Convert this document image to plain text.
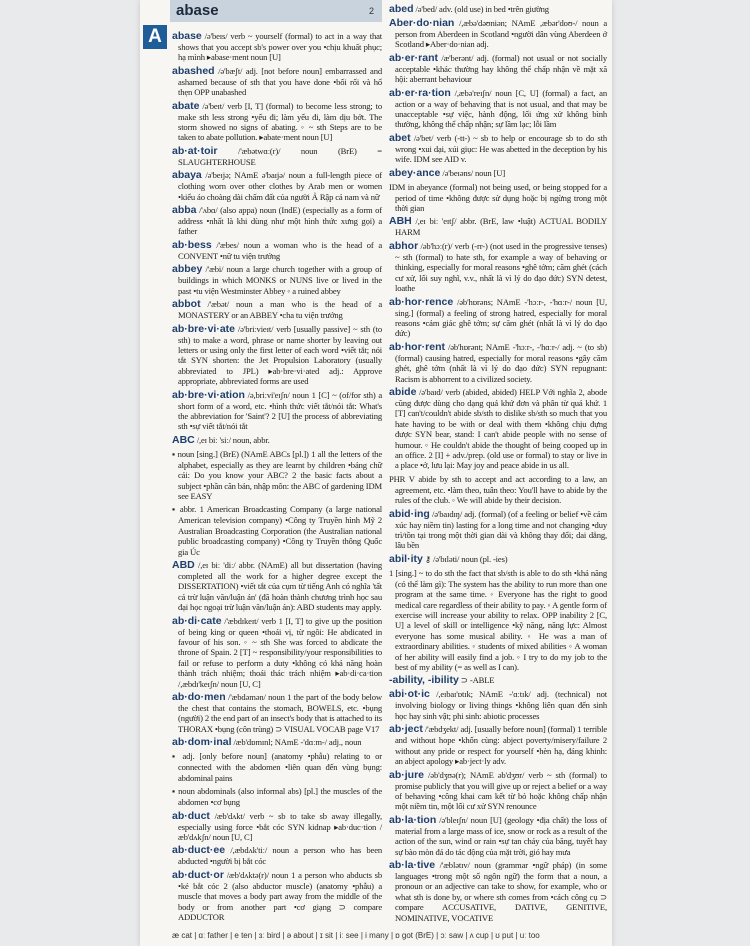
abase	2
A abase /ə'beɪs/ verb ~ yourself (formal) to act in a way that shows that you accept sb's power over you •chịu khuất phục; hạ mình ▸abase·ment noun [U]
abashed /ə'bæʃt/ adj. [not before noun] embarrassed and ashamed because of sth that you have done •bối rối và hổ thẹn OPP unabashed
abate /ə'beɪt/ verb [I, T] (formal) to become less strong; to make sth less strong •yếu đi; làm yếu đi, làm dịu bớt. The storm showed no signs of abating. ◦ ~ sth Steps are to be taken to abate pollution. ▸abate·ment noun [U]
ab·at·toir /'æbətwɑː(r)/ noun (BrE) = SLAUGHTERHOUSE
abaya /ə'beɪjə; NAmE ə'baɪjə/ noun a full-length piece of clothing worn over other clothes by Arab men or women •kiểu áo choàng dài chấm đất của người Ả Rập cả nam và nữ
abba /'ʌbɑ/ (also appa) noun (IndE) (especially as a form of address •nhất là khi dùng như một hình thức xưng gọi) a father
ab·bess /'æbes/ noun a woman who is the head of a CONVENT •nữ tu viện trưởng
abbey /'æbi/ noun a large church together with a group of buildings in which MONKS or NUNS live or lived in the past •tu viện Westminster Abbey ◦ a ruined abbey
abbot /'æbət/ noun a man who is the head of a MONASTERY or an ABBEY •cha tu viện trưởng
ab·bre·vi·ate /ə'briːvieɪt/ verb [usually passive] ~ sth (to sth) to make a word, phrase or name shorter by leaving out letters or using only the first letter of each word •viết tắt; nói tắt SYN shorten: the Jet Propulsion Laboratory (usually abbreviated to JPL) ▸ab·bre·vi·ated adj.: Approve appropriate, abbreviated forms are used
ab·bre·vi·ation /ə,briːvi'eɪʃn/ noun 1 [C] ~ (of/for sth) a short form of a word, etc. •hình thức viết tắt/nói tắt: What's the abbreviation for 'Saint'? 2 [U] the process of abbreviating sth •sự viết tắt/nói tắt
ABC /,eɪ biː 'siː/ noun, abbr.
▪ noun [sing.] (BrE) (NAmE ABCs [pl.]) 1 all the letters of the alphabet, especially as they are learnt by children •bảng chữ cái: Do you know your ABC? 2 the basic facts about a subject •phần căn bản, nhập môn: the ABC of gardening IDM see EASY
▪ abbr. 1 American Broadcasting Company (a large national American television company) •Công ty Truyền hình Mỹ 2 Australian Broadcasting Corporation (the Australian national public broadcasting company) •Công ty Truyền thông Quốc gia Úc
ABD /,eɪ biː 'diː/ abbr. (NAmE) all but dissertation (having completed all the work for a higher degree except the DISSERTATION) •viết tắt của cụm từ tiếng Anh có nghĩa 'tất cả trừ luận văn/luận án' (đã hoàn thành chương trình học sau đại học ngoại trừ luận văn/luận án): ABD students may apply.
ab·di·cate /'æbdɪkeɪt/ verb 1 [I, T] to give up the position of being king or queen •thoái vị, từ ngôi: He abdicated in favour of his son. ◦ ~ sth She was forced to abdicate the throne of Spain. 2 [T] ~ responsibility/your responsibilities to fail or refuse to perform a duty •không có khả năng hoàn thành trách nhiệm; thoái thác trách nhiệm ▸ab·di·ca·tion /,æbdɪ'keɪʃn/ noun [U, C]
ab·do·men /'æbdəmən/ noun 1 the part of the body below the chest that contains the stomach, BOWELS, etc. •bụng (người) 2 the end part of an insect's body that is attached to its THORAX •bụng (côn trùng) ⊃ VISUAL VOCAB page V17
ab·dom·inal /æb'dɒmɪnl; NAmE -'dɑːm-/ adj., noun
▪ adj. [only before noun] (anatomy •phẫu) relating to or connected with the abdomen •liên quan đến vùng bụng: abdominal pains
▪ noun abdominals (also informal abs) [pl.] the muscles of the abdomen •cơ bụng
ab·duct /æb'dʌkt/ verb ~ sb to take sb away illegally, especially using force •bắt cóc SYN kidnap ▸ab·duc·tion /æb'dʌkʃn/ noun [U, C]
ab·duct·ee /,æbdʌk'tiː/ noun a person who has been abducted •người bị bắt cóc
ab·duct·or /æb'dʌktə(r)/ noun 1 a person who abducts sb •kẻ bắt cóc 2 (also abductor muscle) (anatomy •phẫu) a muscle that moves a body part away from the middle of the body or from another part •cơ giạng ⊃ compare ADDUCTOR
abed /ə'bed/ adv. (old use) in bed •trên giường
Aber·do·nian /,æbə'dəʊniən; NAmE ,æbər'doʊ-/ noun a person from Aberdeen in Scotland •người dân vùng Aberdeen ở Scotland ▸Aber·do·nian adj.
ab·er·rant /æ'berənt/ adj. (formal) not usual or not socially acceptable •khác thường hay không thể chấp nhận về mặt xã hội: aberrant behaviour
ab·er·ra·tion /,æbə'reɪʃn/ noun [C, U] (formal) a fact, an action or a way of behaving that is not usual, and that may be unacceptable •sự việc, hành động, lối ứng xử không bình thường, không thể chấp nhận; sự lầm lạc; lỗi lầm
abet /ə'bet/ verb (-tt-) ~ sb to help or encourage sb to do sth wrong •xui dại, xúi giục: He was abetted in the deception by his wife. IDM see AID v.
abey·ance /ə'beɪəns/ noun [U]
IDM in abeyance (formal) not being used, or being stopped for a period of time •không được sử dụng hoặc bị ngừng trong một thời gian
ABH /,eɪ biː 'eɪtʃ/ abbr. (BrE, law •luật) ACTUAL BODILY HARM
abhor /əb'hɔː(r)/ verb (-rr-) (not used in the progressive tenses) ~ sth (formal) to hate sth, for example a way of behaving or thinking, especially for moral reasons •ghê tởm; căm ghét (cách cư xử, lối suy nghĩ, v.v., nhất là vì lý do đạo đức) SYN detest, loathe
ab·hor·rence /əb'hɒrəns; NAmE -'hɔːr-, -'hɑːr-/ noun [U, sing.] (formal) a feeling of strong hatred, especially for moral reasons •cảm giác ghê tởm; sự căm ghét (nhất là vì lý do đạo đức)
ab·hor·rent /əb'hɒrənt; NAmE -'hɔːr-, -'hɑːr-/ adj. ~ (to sb) (formal) causing hatred, especially for moral reasons •gây căm ghét, ghê tởm (nhất là vì lý do đạo đức) SYN repugnant: Racism is abhorrent to a civilized society.
abide /ə'baɪd/ verb (abided, abided) HELP Với nghĩa 2, abode cũng được dùng cho dạng quá khứ đơn và phân từ quá khứ. 1 [T] can't/couldn't abide sb/sth to dislike sb/sth so much that you hate having to be with or deal with them •không chịu đựng được SYN bear, stand: I can't abide people with no sense of humour. ◦ He couldn't abide the thought of being cooped up in an office. 2 [I] + adv./prep. (old use or formal) to stay or live in a place •ở, lưu lại: May joy and peace abide in us all.
PHR V abide by sth to accept and act according to a law, an agreement, etc. •làm theo, tuân theo: You'll have to abide by the rules of the club. ◦ We will abide by their decision.
abid·ing /ə'baɪdɪŋ/ adj. (formal) (of a feeling or belief •về cảm xúc hay niềm tin) lasting for a long time and not changing •duy trì/tồn tại trong một thời gian dài và không thay đổi; dai dẳng, lâu bền
abil·ity ⚷ /ə'bɪləti/ noun (pl. -ies)
1 [sing.] ~ to do sth the fact that sb/sth is able to do sth •khả năng (có thể làm gì): The system has the ability to run more than one program at the same time. ◦ Everyone has the right to good medical care regardless of their ability to pay. ◦ A gentle form of exercise will increase your ability to relax. OPP inability 2 [C, U] a level of skill or intelligence •kỹ năng, năng lực: Almost everyone has some musical ability. ◦ He was a man of extraordinary abilities. ◦ students of mixed abilities ◦ A woman of her ability will easily find a job. ◦ I try to do my job to the best of my ability (= as well as I can).
-ability, -ibility ⊃ -ABLE
abi·ot·ic /,eɪbaɪ'ɒtɪk; NAmE -'ɑːtɪk/ adj. (technical) not involving biology or living things •không liên quan đến sinh học hay sinh vật; phi sinh: abiotic processes
ab·ject /'æbdʒekt/ adj. [usually before noun] (formal) 1 terrible and without hope •khốn cùng: abject poverty/misery/failure 2 without any pride or respect for yourself •hèn hạ, đáng khinh: an abject apology ▸ab·ject·ly adv.
ab·jure /əb'dʒʊə(r); NAmE əb'dʒʊr/ verb ~ sth (formal) to promise publicly that you will give up or reject a belief or a way of behaving •công khai cam kết từ bỏ hoặc không chấp nhận một niềm tin, một lối cư xử SYN renounce
ab·la·tion /ə'bleɪʃn/ noun [U] (geology •địa chất) the loss of material from a large mass of ice, snow or rock as a result of the action of the sun, wind or rain •sự tan chảy của băng, tuyết hay sự bào mòn đá do tác động của mặt trời, gió hay mưa
ab·la·tive /'æblətɪv/ noun (grammar •ngữ pháp) (in some languages •trong một số ngôn ngữ) the form that a noun, a pronoun or an adjective can take to show, for example, who or what sth is done by, or where sth comes from •cách công cụ ⊃ compare ACCUSATIVE, DATIVE, GENITIVE, NOMINATIVE, VOCATIVE
æ cat | ɑː father | e ten | ɜː bird | ə about | ɪ sit | iː see | i many | ɒ got (BrE) | ɔː saw | ʌ cup | ʊ put | uː too
